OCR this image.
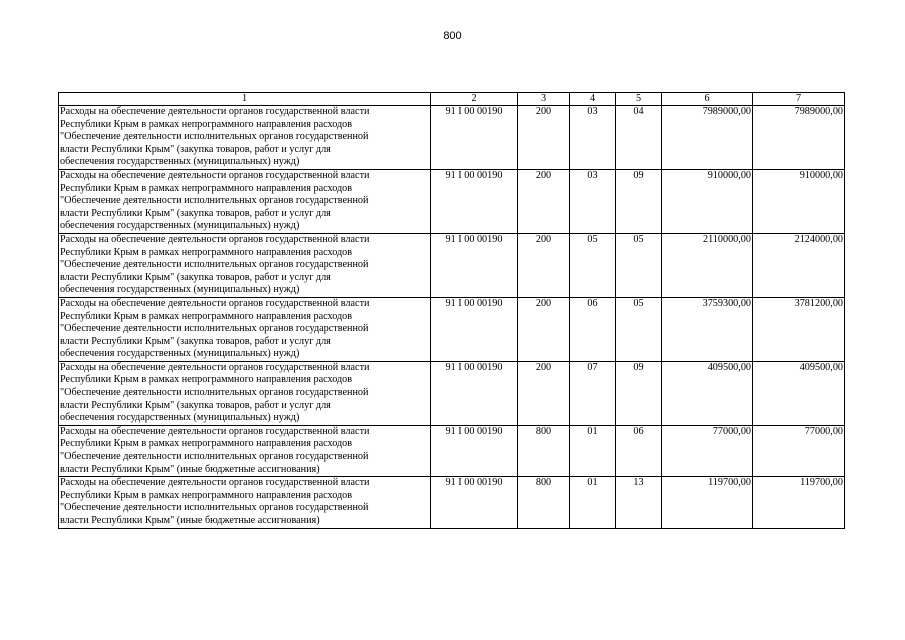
800
1	2	3	4	5	6	7

Расходы на обеспечение деятельности органов государственной власти
Республики Крым в рамках непрограммного направления расходов
"Обеспечение деятельности исполнительных органов государственной
власти Республики Крым" (закупка товаров, работ и услуг для
обеспечения государственных (муниципальных) нужд)	91 I 00 00190	200	03	04	7989000,00	7989000,00

Расходы на обеспечение деятельности органов государственной власти
Республики Крым в рамках непрограммного направления расходов
"Обеспечение деятельности исполнительных органов государственной
власти Республики Крым" (закупка товаров, работ и услуг для
обеспечения государственных (муниципальных) нужд)	91 I 00 00190	200	03	09	910000,00	910000,00

Расходы на обеспечение деятельности органов государственной власти
Республики Крым в рамках непрограммного направления расходов
"Обеспечение деятельности исполнительных органов государственной
власти Республики Крым" (закупка товаров, работ и услуг для
обеспечения государственных (муниципальных) нужд)	91 I 00 00190	200	05	05	2110000,00	2124000,00

Расходы на обеспечение деятельности органов государственной власти
Республики Крым в рамках непрограммного направления расходов
"Обеспечение деятельности исполнительных органов государственной
власти Республики Крым" (закупка товаров, работ и услуг для
обеспечения государственных (муниципальных) нужд)	91 I 00 00190	200	06	05	3759300,00	3781200,00

Расходы на обеспечение деятельности органов государственной власти
Республики Крым в рамках непрограммного направления расходов
"Обеспечение деятельности исполнительных органов государственной
власти Республики Крым" (закупка товаров, работ и услуг для
обеспечения государственных (муниципальных) нужд)	91 I 00 00190	200	07	09	409500,00	409500,00

Расходы на обеспечение деятельности органов государственной власти
Республики Крым в рамках непрограммного направления расходов
"Обеспечение деятельности исполнительных органов государственной
власти Республики Крым" (иные бюджетные ассигнования)	91 I 00 00190	800	01	06	77000,00	77000,00

Расходы на обеспечение деятельности органов государственной власти
Республики Крым в рамках непрограммного направления расходов
"Обеспечение деятельности исполнительных органов государственной
власти Республики Крым" (иные бюджетные ассигнования)	91 I 00 00190	800	01	13	119700,00	119700,00
